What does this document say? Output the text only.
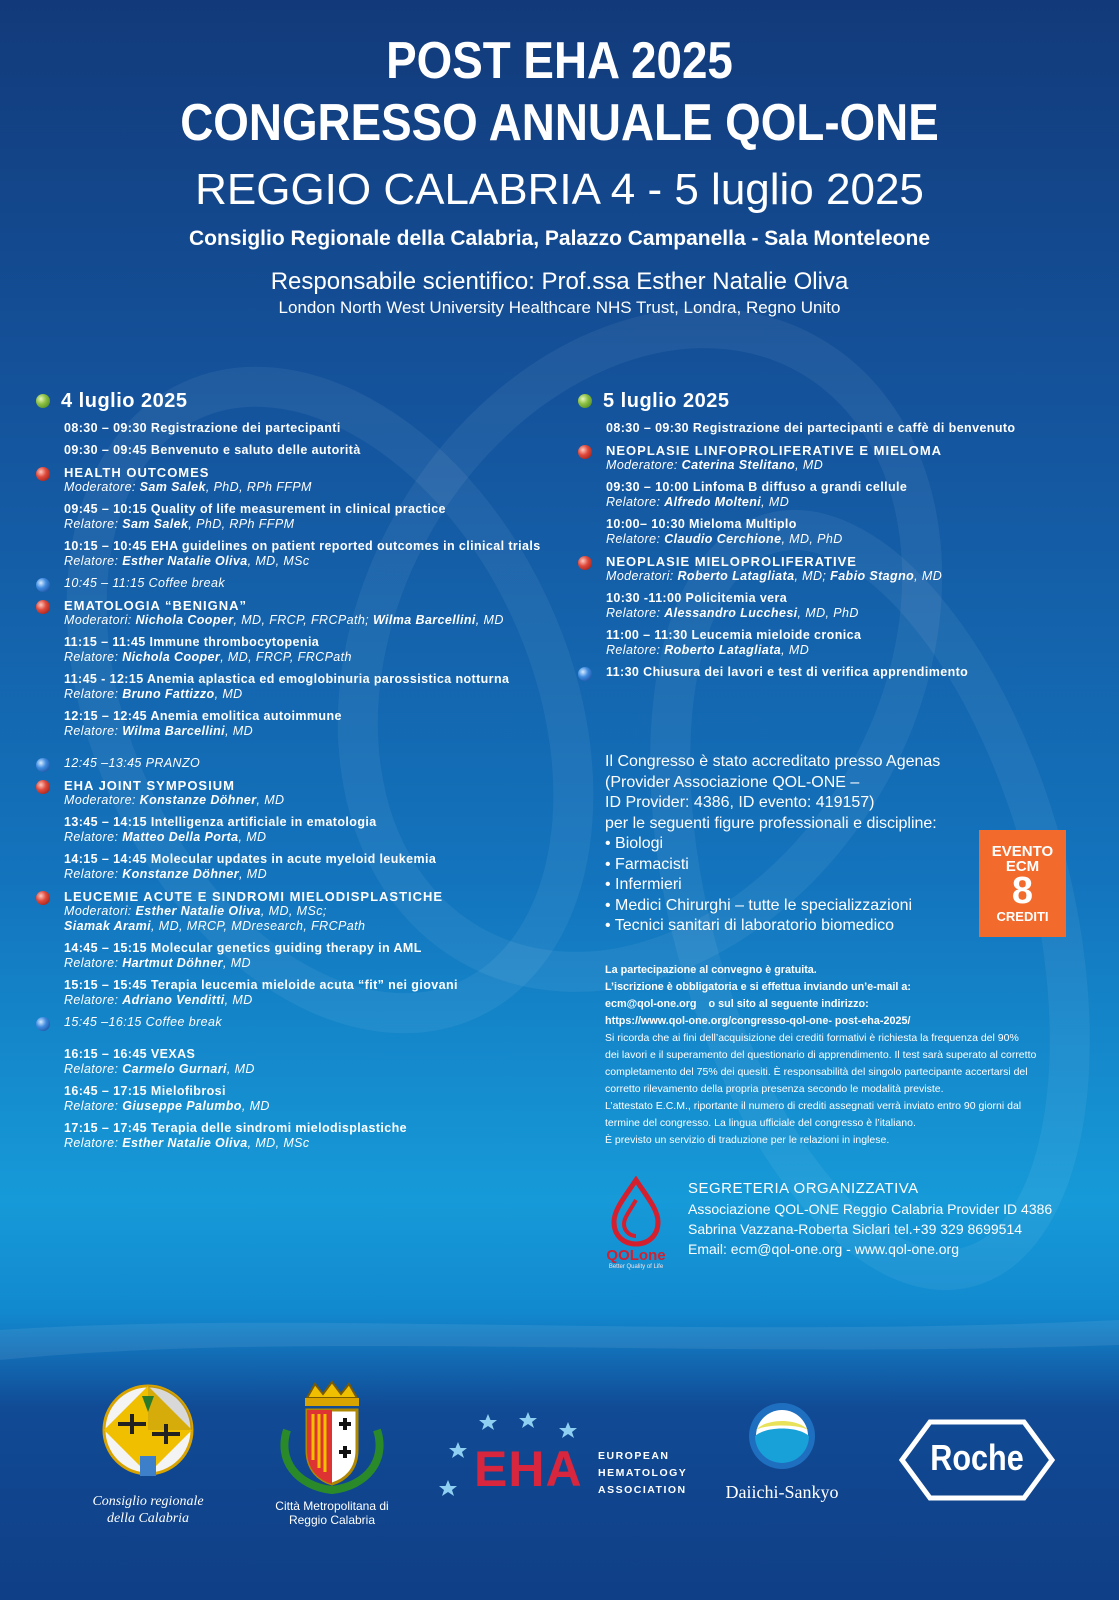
POST EHA 2025
CONGRESSO ANNUALE QOL-ONE
REGGIO CALABRIA 4 - 5 luglio 2025
Consiglio Regionale della Calabria, Palazzo Campanella - Sala Monteleone
Responsabile scientifico: Prof.ssa Esther Natalie Oliva
London North West University Healthcare NHS Trust, Londra, Regno Unito
4 luglio 2025
08:30 – 09:30 Registrazione dei partecipanti
09:30 – 09:45 Benvenuto e saluto delle autorità
HEALTH OUTCOMES
Moderatore: Sam Salek, PhD, RPh FFPM
09:45 – 10:15 Quality of life measurement in clinical practice
Relatore: Sam Salek, PhD, RPh FFPM
10:15 – 10:45 EHA guidelines on patient reported outcomes in clinical trials
Relatore: Esther Natalie Oliva, MD, MSc
10:45 – 11:15 Coffee break
EMATOLOGIA “BENIGNA”
Moderatori: Nichola Cooper, MD, FRCP, FRCPath; Wilma Barcellini, MD
11:15 – 11:45 Immune thrombocytopenia
Relatore: Nichola Cooper, MD, FRCP, FRCPath
11:45 - 12:15 Anemia aplastica ed emoglobinuria parossistica notturna
Relatore: Bruno Fattizzo, MD
12:15 – 12:45 Anemia emolitica autoimmune
Relatore: Wilma Barcellini, MD
12:45 –13:45 PRANZO
EHA JOINT SYMPOSIUM
Moderatore: Konstanze Döhner, MD
13:45 – 14:15 Intelligenza artificiale in ematologia
Relatore: Matteo Della Porta, MD
14:15 – 14:45 Molecular updates in acute myeloid leukemia
Relatore: Konstanze Döhner, MD
LEUCEMIE ACUTE E SINDROMI MIELODISPLASTICHE
Moderatori: Esther Natalie Oliva, MD, MSc;
Siamak Arami, MD, MRCP, MDresearch, FRCPath
14:45 – 15:15 Molecular genetics guiding therapy in AML
Relatore: Hartmut Döhner, MD
15:15 – 15:45 Terapia leucemia mieloide acuta “fit” nei giovani
Relatore: Adriano Venditti, MD
15:45 –16:15 Coffee break
16:15 – 16:45 VEXAS
Relatore: Carmelo Gurnari, MD
16:45 – 17:15 Mielofibrosi
Relatore: Giuseppe Palumbo, MD
17:15 – 17:45 Terapia delle sindromi mielodisplastiche
Relatore: Esther Natalie Oliva, MD, MSc
5 luglio 2025
08:30 – 09:30 Registrazione dei partecipanti e caffè di benvenuto
NEOPLASIE LINFOPROLIFERATIVE E MIELOMA
Moderatore: Caterina Stelitano, MD
09:30 – 10:00 Linfoma B diffuso a grandi cellule
Relatore: Alfredo Molteni, MD
10:00– 10:30 Mieloma Multiplo
Relatore: Claudio Cerchione, MD, PhD
NEOPLASIE MIELOPROLIFERATIVE
Moderatori: Roberto Latagliata, MD; Fabio Stagno, MD
10:30 -11:00 Policitemia vera
Relatore: Alessandro Lucchesi, MD, PhD
11:00 – 11:30 Leucemia mieloide cronica
Relatore: Roberto Latagliata, MD
11:30 Chiusura dei lavori e test di verifica apprendimento
Il Congresso è stato accreditato presso Agenas
(Provider Associazione QOL-ONE –
ID Provider: 4386, ID evento: 419157)
per le seguenti figure professionali e discipline:
• Biologi
• Farmacisti
• Infermieri
• Medici Chirurghi – tutte le specializzazioni
• Tecnici sanitari di laboratorio biomedico
EVENTO
ECM
8
CREDITI
La partecipazione al convegno è gratuita.
L’iscrizione è obbligatoria e si effettua inviando un’e-mail a:
ecm@qol-one.org    o sul sito al seguente indirizzo:
https://www.qol-one.org/congresso-qol-one- post-eha-2025/
Si ricorda che ai fini dell’acquisizione dei crediti formativi è richiesta la frequenza del 90%
dei lavori e il superamento del questionario di apprendimento. Il test sarà superato al corretto
completamento del 75% dei quesiti. È responsabilità del singolo partecipante accertarsi del
corretto rilevamento della propria presenza secondo le modalità previste.
L’attestato E.C.M., riportante il numero di crediti assegnati verrà inviato entro 90 giorni dal
termine del congresso. La lingua ufficiale del congresso è l’italiano.
È previsto un servizio di traduzione per le relazioni in inglese.
QOLone
Better Quality of Life
SEGRETERIA ORGANIZZATIVA
Associazione QOL-ONE Reggio Calabria Provider ID 4386
Sabrina Vazzana-Roberta Siclari tel.+39 329 8699514
Email: ecm@qol-one.org - www.qol-one.org
Consiglio regionale
della Calabria
Città Metropolitana di
Reggio Calabria
EHA EUROPEAN
HEMATOLOGY
ASSOCIATION	Daiichi-Sankyo
Roche
